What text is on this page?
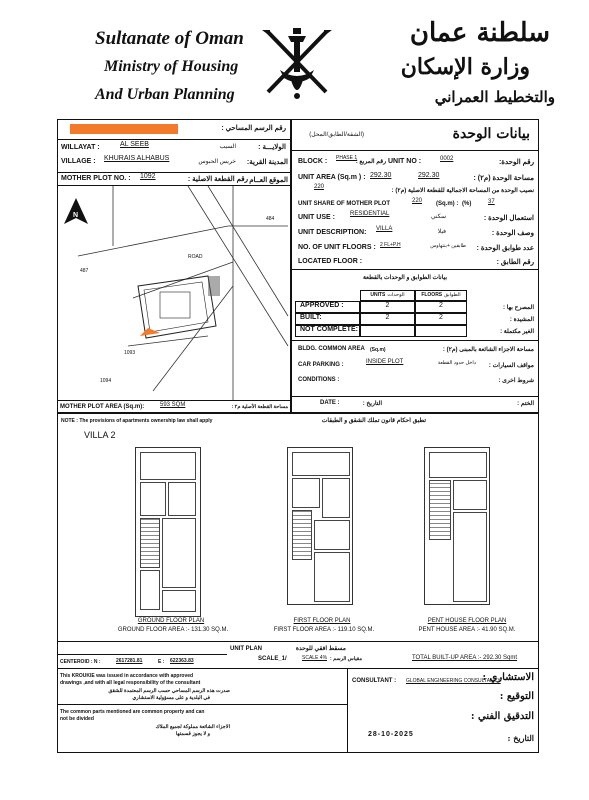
Sultanate of Oman
Ministry of Housing
And Urban Planning
سلطنة عمان
وزارة الإسكان
والتخطيط العمراني
رقم الرسم المساحي :
WILLAYAT :	AL SEEB	السيب	الولايـــة :
VILLAGE : KHURAIS ALHABUS	خريس الحبوس	المدينة القرية:
MOTHER PLOT NO. : 1092	رقم القطعة الاصلية : الموقع العــام
N	484
487
1093
1094
ROAD
MOTHER PLOT AREA (Sq.m):	593 SQM	مساحة القطعة الأصلية م٢ :
بيانات الوحدة
(الشقة/الطابق/المحل)
BLOCK : PHASE 1
رقم المربع : UNIT NO :	0002	رقم الوحدة:
UNIT AREA (Sq.m ) : 292.30	292.30	مساحة الوحدة (م٢) :
220
نصيب الوحدة من المساحة الاجمالية للقطعة الاصلية (م٢) :
UNIT SHARE OF MOTHER PLOT	220 (Sq.m) : (%)	37
UNIT USE :	RESIDENTIAL	سكني	استعمال الوحدة :
UNIT DESCRIPTION: VILLA	فيلا	وصف الوحدة :
NO. OF UNIT FLOORS : 2 FL+P.H	طابقين +بنتهاوس	عدد طوابق الوحدة :
LOCATED FLOOR :	رقم الطابق :
بيانات الطوابق و الوحدات بالقطعة
UNITS الوحدات	FLOORS الطوابق
APPROVED :	2	2	المصرح بها :
BUILT:	2	2	المشيدة :
NOT COMPLETE:	الغير مكتملة :
BLDG. COMMON AREA (Sq.m)	مساحة الاجزاء الشائعة بالمبنى (م٢) :
CAR PARKING :	INSIDE PLOT	داخل حدود القطعة	مواقف السيارات :
CONDITIONS :	شروط اخرى :
DATE :	التاريخ :	الختم :
NOTE : The provisions of apartments ownership law shall apply	تطبق احكام قانون تملك الشقق و الطبقات
VILLA 2
GROUND FLOOR PLAN
GROUND FLOOR AREA :- 131.30 SQ.M.
FIRST FLOOR PLAN
FIRST FLOOR AREA :- 119.10 SQ.M.
PENT HOUSE FLOOR PLAN
PENT HOUSE AREA :- 41.90 SQ.M.
UNIT PLAN	مسقط افقي للوحدة
SCALE_1/	SCALE 4% مقياس الرسم :	TOTAL BUILT-UP AREA :- 292.30 Sqmt
CENTEROID : N :	2617281.81	E : 622363.83
This KROUKIE was issued in accordance with approved
drawings ,and with all legal responsibility of the consultant
صدرت هذه الرسم المساحي حسب الرسم المعتمدة للشقق
في البلدية و على مسؤولية الاستشاري
The common parts mentioned are common property and can
not be divided
الاجزاء الشائعة مملوكة لجميع الملاك
و لا يجوز قسمتها
CONSULTANT : GLOBAL ENGINEERING CONSULTANCY
الاستشاري :
التوقيع :
التدقيق الفني :
28-10-2025	التاريخ :
